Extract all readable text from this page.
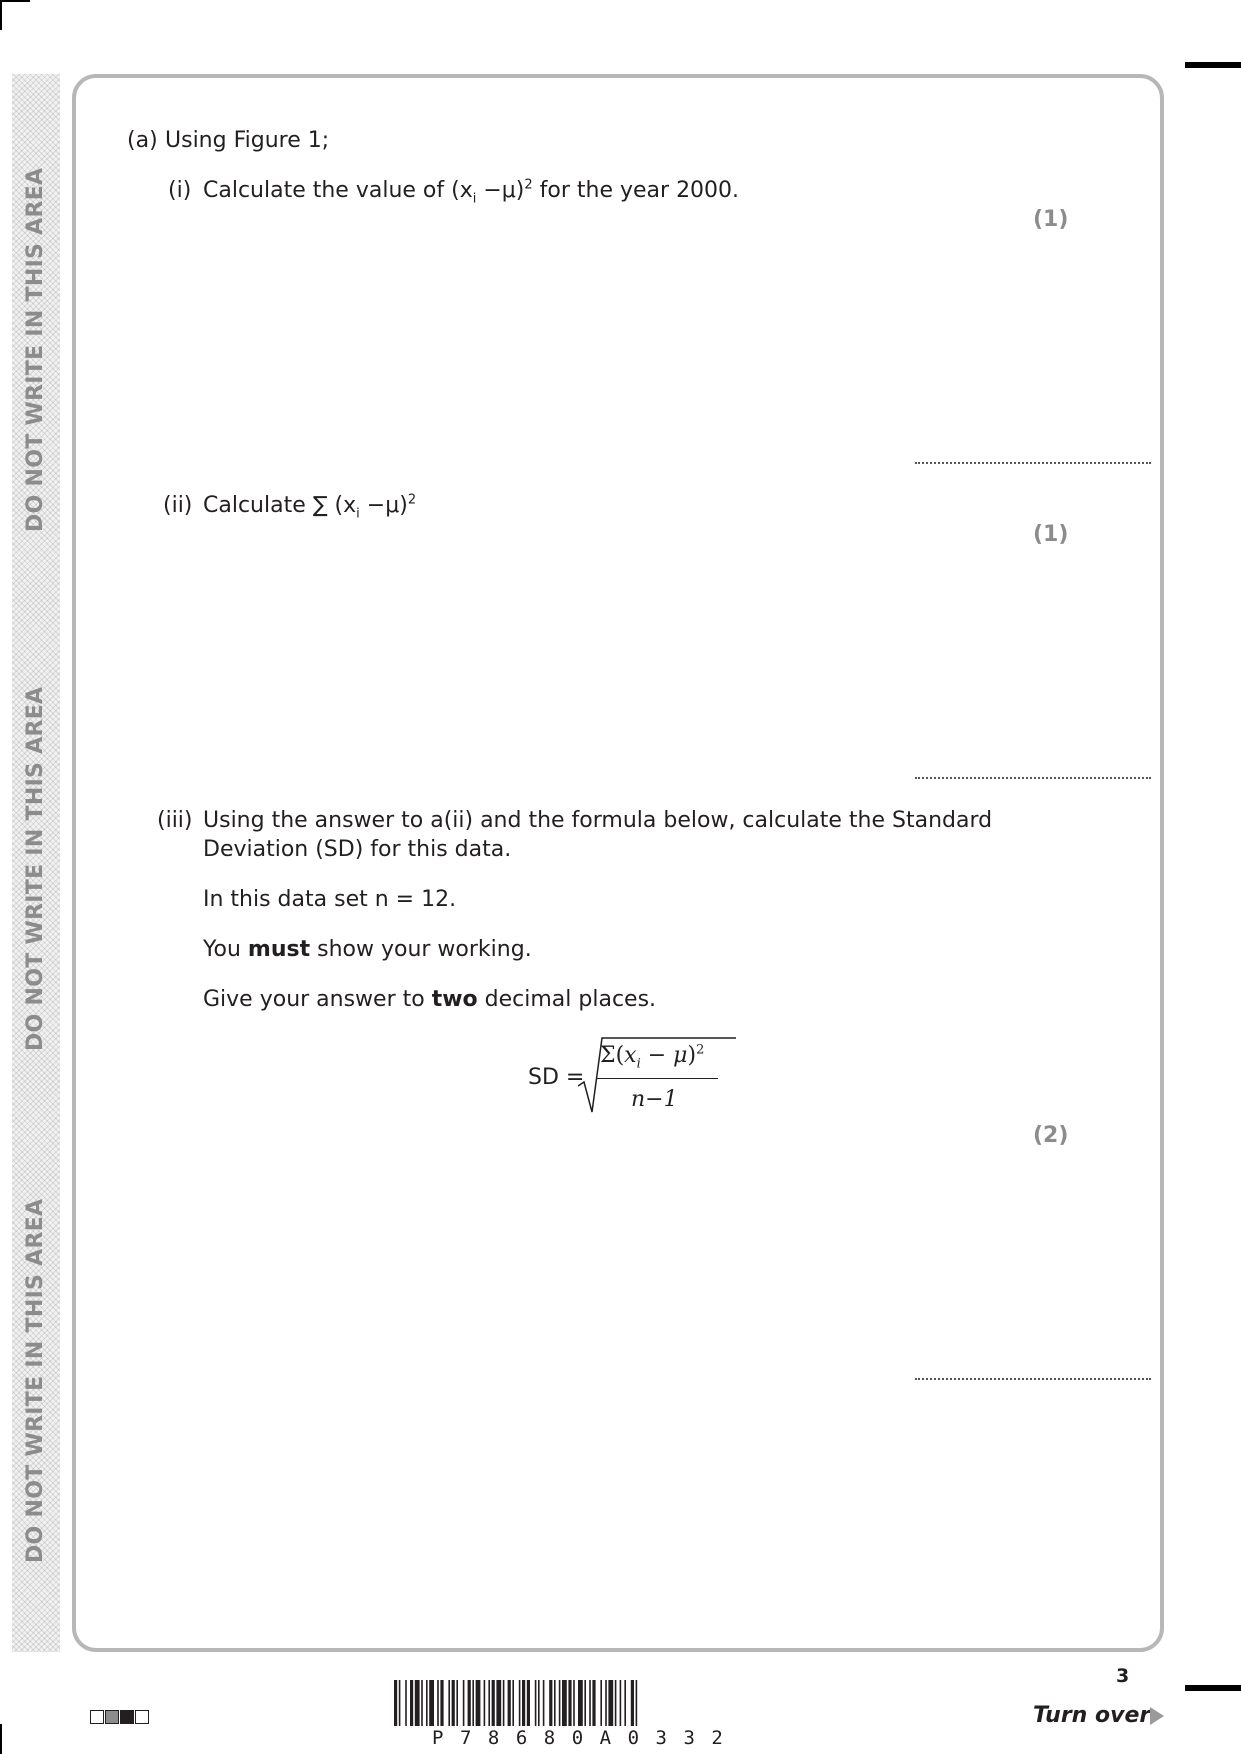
DO NOT WRITE IN THIS AREA
DO NOT WRITE IN THIS AREA
DO NOT WRITE IN THIS AREA
(a) Using Figure 1;
(i) Calculate the value of $(x_i -\mu)^2$ for the year 2000.
(1)
(ii) Calculate ∑ $(x_i -\mu)^2$
(1)
(iii) Using the answer to a(ii) and the formula below, calculate the Standard
Deviation (SD) for this data.
In this data set n = 12.
You must show your working.
Give your answer to two decimal places.
SD =
$\Sigma(x_i - \mu)^2$
n−1
(2)
P78680A0332
3
Turn over
